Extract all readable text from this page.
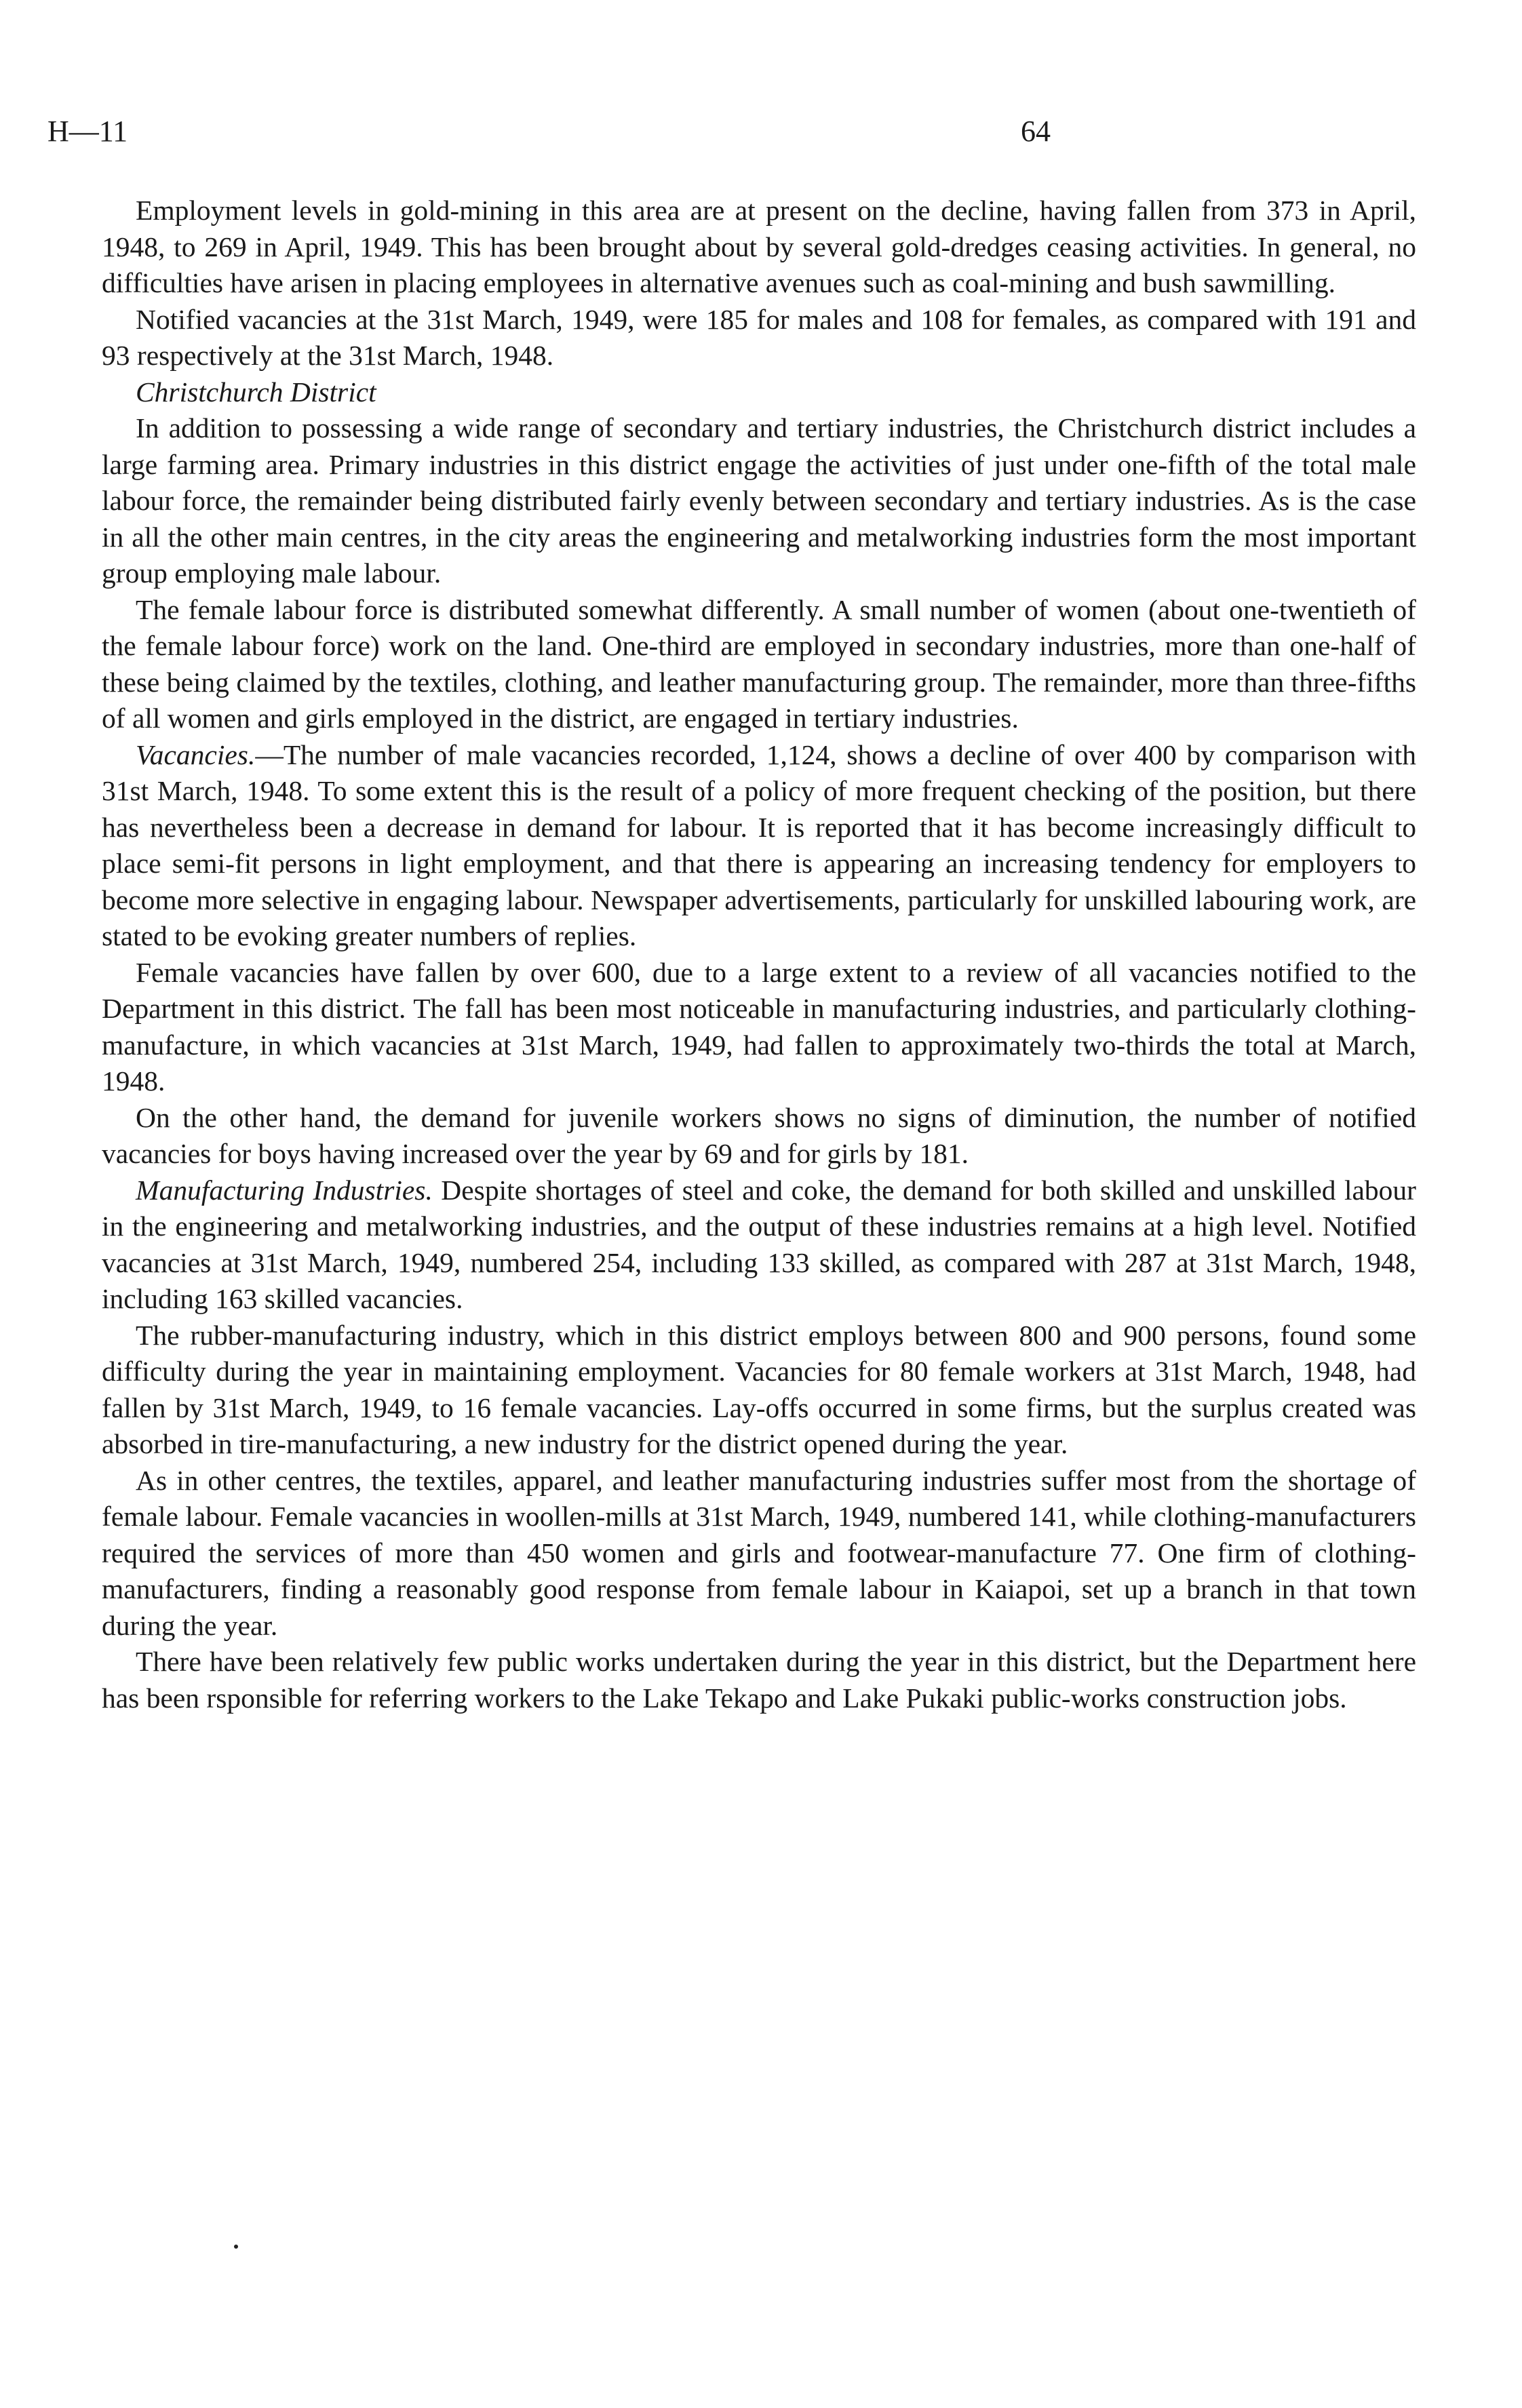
H—11	64

Employment levels in gold-mining in this area are at present on the decline, having fallen from 373 in April, 1948, to 269 in April, 1949. This has been brought about by several gold-dredges ceasing activities. In general, no difficulties have arisen in placing employees in alternative avenues such as coal-mining and bush sawmilling.

Notified vacancies at the 31st March, 1949, were 185 for males and 108 for females, as compared with 191 and 93 respectively at the 31st March, 1948.

Christchurch District

In addition to possessing a wide range of secondary and tertiary industries, the Christchurch district includes a large farming area. Primary industries in this district engage the activities of just under one-fifth of the total male labour force, the remainder being distributed fairly evenly between secondary and tertiary industries. As is the case in all the other main centres, in the city areas the engineering and metalworking industries form the most important group employing male labour.

The female labour force is distributed somewhat differently. A small number of women (about one-twentieth of the female labour force) work on the land. One-third are employed in secondary industries, more than one-half of these being claimed by the textiles, clothing, and leather manufacturing group. The remainder, more than three-fifths of all women and girls employed in the district, are engaged in tertiary industries.

Vacancies.—The number of male vacancies recorded, 1,124, shows a decline of over 400 by comparison with 31st March, 1948. To some extent this is the result of a policy of more frequent checking of the position, but there has nevertheless been a decrease in demand for labour. It is reported that it has become increasingly difficult to place semi-fit persons in light employment, and that there is appearing an increasing tendency for employers to become more selective in engaging labour. Newspaper advertisements, particularly for unskilled labouring work, are stated to be evoking greater numbers of replies.

Female vacancies have fallen by over 600, due to a large extent to a review of all vacancies notified to the Department in this district. The fall has been most noticeable in manufacturing industries, and particularly clothing-manufacture, in which vacancies at 31st March, 1949, had fallen to approximately two-thirds the total at March, 1948.

On the other hand, the demand for juvenile workers shows no signs of diminution, the number of notified vacancies for boys having increased over the year by 69 and for girls by 181.

Manufacturing Industries. Despite shortages of steel and coke, the demand for both skilled and unskilled labour in the engineering and metalworking industries, and the output of these industries remains at a high level. Notified vacancies at 31st March, 1949, numbered 254, including 133 skilled, as compared with 287 at 31st March, 1948, including 163 skilled vacancies.

The rubber-manufacturing industry, which in this district employs between 800 and 900 persons, found some difficulty during the year in maintaining employment. Vacancies for 80 female workers at 31st March, 1948, had fallen by 31st March, 1949, to 16 female vacancies. Lay-offs occurred in some firms, but the surplus created was absorbed in tire-manufacturing, a new industry for the district opened during the year.

As in other centres, the textiles, apparel, and leather manufacturing industries suffer most from the shortage of female labour. Female vacancies in woollen-mills at 31st March, 1949, numbered 141, while clothing-manufacturers required the services of more than 450 women and girls and footwear-manufacture 77. One firm of clothing-manufacturers, finding a reasonably good response from female labour in Kaiapoi, set up a branch in that town during the year.

There have been relatively few public works undertaken during the year in this district, but the Department here has been rsponsible for referring workers to the Lake Tekapo and Lake Pukaki public-works construction jobs.
